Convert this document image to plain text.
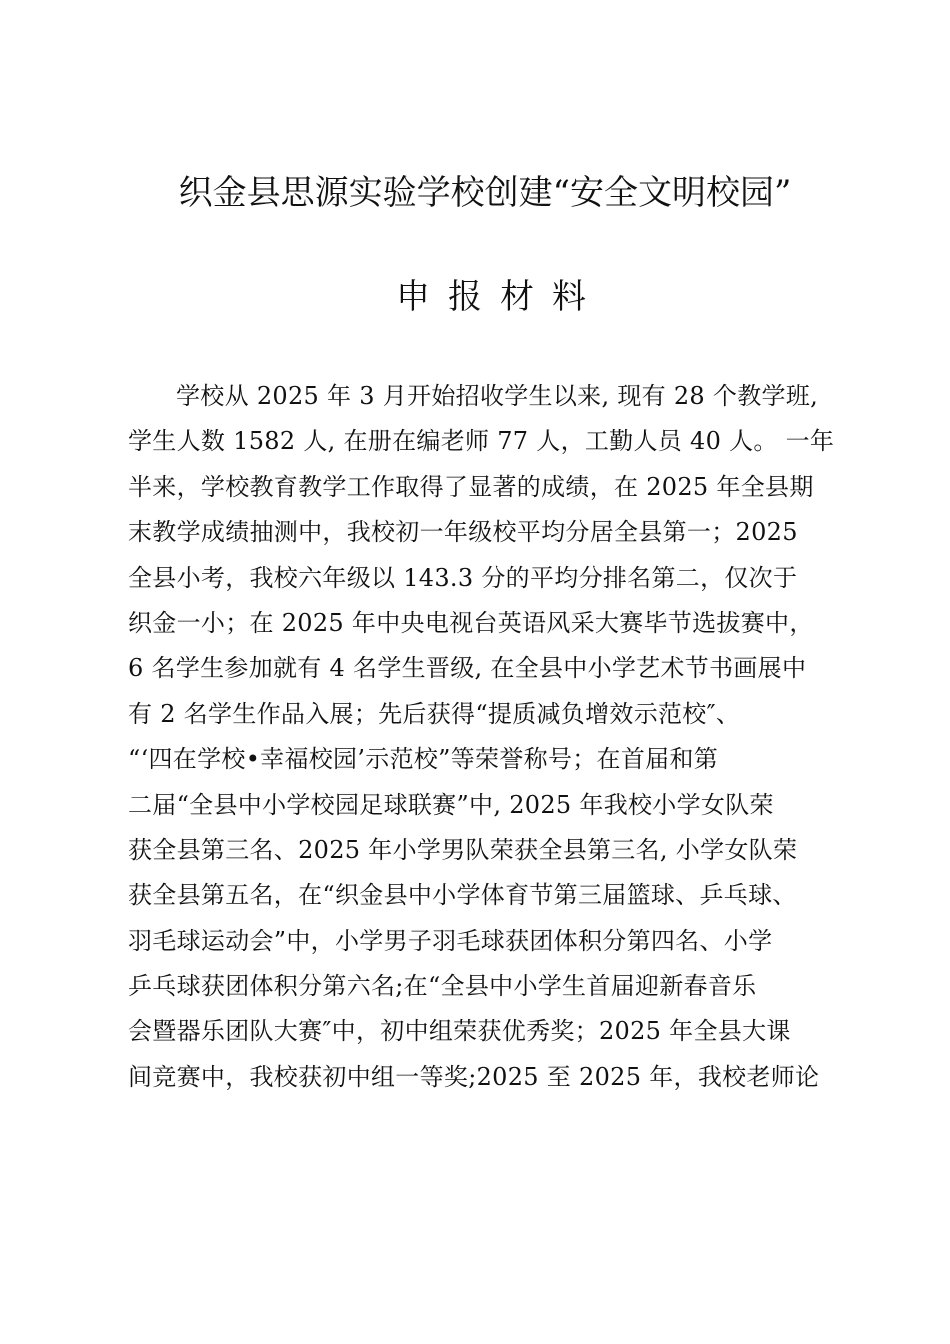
织金县思源实验学校创建“安全文明校园”
申报材料
学校从 2025 年 3 月开始招收学生以来, 现有 28 个教学班,
学生人数 1582 人, 在册在编老师 77 人，工勤人员 40 人。 一年
半来，学校教育教学工作取得了显著的成绩，在 2025 年全县期
末教学成绩抽测中，我校初一年级校平均分居全县第一；2025
全县小考，我校六年级以 143.3 分的平均分排名第二，仅次于
织金一小；在 2025 年中央电视台英语风采大赛毕节选拔赛中，
6 名学生参加就有 4 名学生晋级, 在全县中小学艺术节书画展中
有 2 名学生作品入展；先后获得“提质减负增效示范校″、
“‘四在学校•幸福校园’示范校”等荣誉称号；在首届和第
二届“全县中小学校园足球联赛”中, 2025 年我校小学女队荣
获全县第三名、2025 年小学男队荣获全县第三名, 小学女队荣
获全县第五名，在“织金县中小学体育节第三届篮球、乒乓球、
羽毛球运动会”中，小学男子羽毛球获团体积分第四名、小学
乒乓球获团体积分第六名;在“全县中小学生首届迎新春音乐
会暨器乐团队大赛″中，初中组荣获优秀奖；2025 年全县大课
间竞赛中，我校获初中组一等奖;2025 至 2025 年，我校老师论
